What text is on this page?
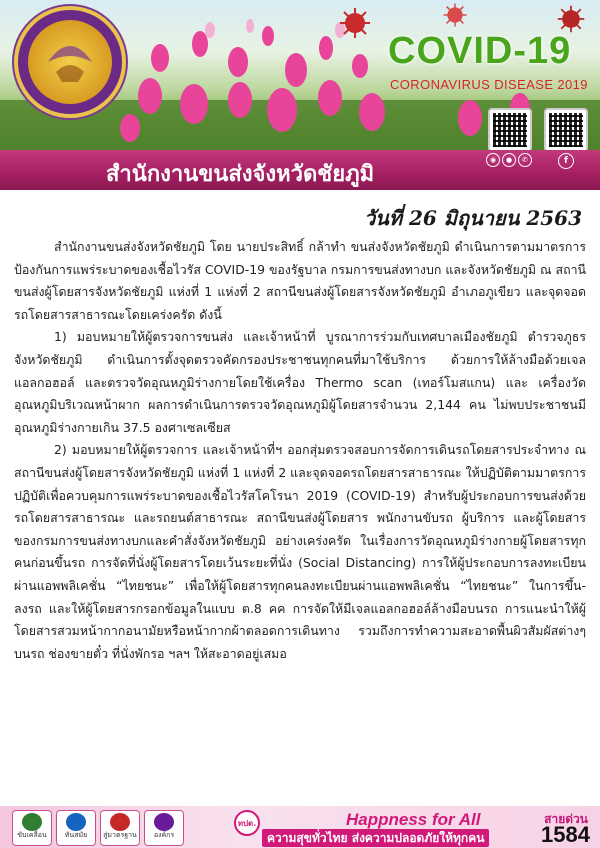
COVID-19
CORONAVIRUS DISEASE 2019
สำนักงานขนส่งจังหวัดชัยภูมิ
◉	●	✆	f
วันที่ 26 มิถุนายน 2563

สำนักงานขนส่งจังหวัดชัยภูมิ โดย นายประสิทธิ์ กล้าทำ ขนส่งจังหวัดชัยภูมิ ดำเนินการตามมาตรการป้องกันการแพร่ระบาดของเชื้อไวรัส COVID-19 ของรัฐบาล กรมการขนส่งทางบก และจังหวัดชัยภูมิ ณ สถานีขนส่งผู้โดยสารจังหวัดชัยภูมิ แห่งที่ 1 แห่งที่ 2 สถานีขนส่งผู้โดยสารจังหวัดชัยภูมิ อำเภอภูเขียว และจุดจอดรถโดยสารสาธารณะโดยเคร่งครัด ดังนี้

1) มอบหมายให้ผู้ตรวจการขนส่ง และเจ้าหน้าที่ บูรณาการร่วมกับเทศบาลเมืองชัยภูมิ ตำรวจภูธรจังหวัดชัยภูมิ ดำเนินการตั้งจุดตรวจคัดกรองประชาชนทุกคนที่มาใช้บริการ ด้วยการให้ล้างมือด้วยเจลแอลกอฮอล์ และตรวจวัดอุณหภูมิร่างกายโดยใช้เครื่อง Thermo scan (เทอร์โมสแกน) และ เครื่องวัดอุณหภูมิบริเวณหน้าผาก ผลการดำเนินการตรวจวัดอุณหภูมิผู้โดยสารจำนวน 2,144 คน ไม่พบประชาชนมีอุณหภูมิร่างกายเกิน 37.5 องศาเซลเซียส

2) มอบหมายให้ผู้ตรวจการ และเจ้าหน้าที่ฯ ออกสุ่มตรวจสอบการจัดการเดินรถโดยสารประจำทาง ณ สถานีขนส่งผู้โดยสารจังหวัดชัยภูมิ แห่งที่ 1 แห่งที่ 2 และจุดจอดรถโดยสารสาธารณะ ให้ปฏิบัติตามมาตรการปฏิบัติเพื่อควบคุมการแพร่ระบาดของเชื้อไวรัสโคโรนา 2019 (COVID-19) สำหรับผู้ประกอบการขนส่งด้วยรถโดยสารสาธารณะ และรถยนต์สาธารณะ สถานีขนส่งผู้โดยสาร พนักงานขับรถ ผู้บริการ และผู้โดยสาร ของกรมการขนส่งทางบกและคำสั่งจังหวัดชัยภูมิ อย่างเคร่งครัด ในเรื่องการวัดอุณหภูมิร่างกายผู้โดยสารทุกคนก่อนขึ้นรถ การจัดที่นั่งผู้โดยสารโดยเว้นระยะที่นั่ง (Social Distancing) การให้ผู้ประกอบการลงทะเบียนผ่านแอพพลิเคชั่น “ไทยชนะ” เพื่อให้ผู้โดยสารทุกคนลงทะเบียนผ่านแอพพลิเคชั่น “ไทยชนะ” ในการขึ้น-ลงรถ และให้ผู้โดยสารกรอกข้อมูลในแบบ ต.8 คค การจัดให้มีเจลแอลกอฮอล์ล้างมือบนรถ การแนะนำให้ผู้โดยสารสวมหน้ากากอนามัยหรือหน้ากากผ้าตลอดการเดินทาง รวมถึงการทำความสะอาดพื้นผิวสัมผัสต่างๆ บนรถ ช่องขายตั๋ว ที่นั่งพักรอ ฯลฯ ให้สะอาดอยู่เสมอ

ขับเคลื่อน	ทันสมัย สู่มาตรฐาน องค์กร
ทปด.	Happness for All
ความสุขทั่วไทย ส่งความปลอดภัยให้ทุกคน
สายด่วน
1584
